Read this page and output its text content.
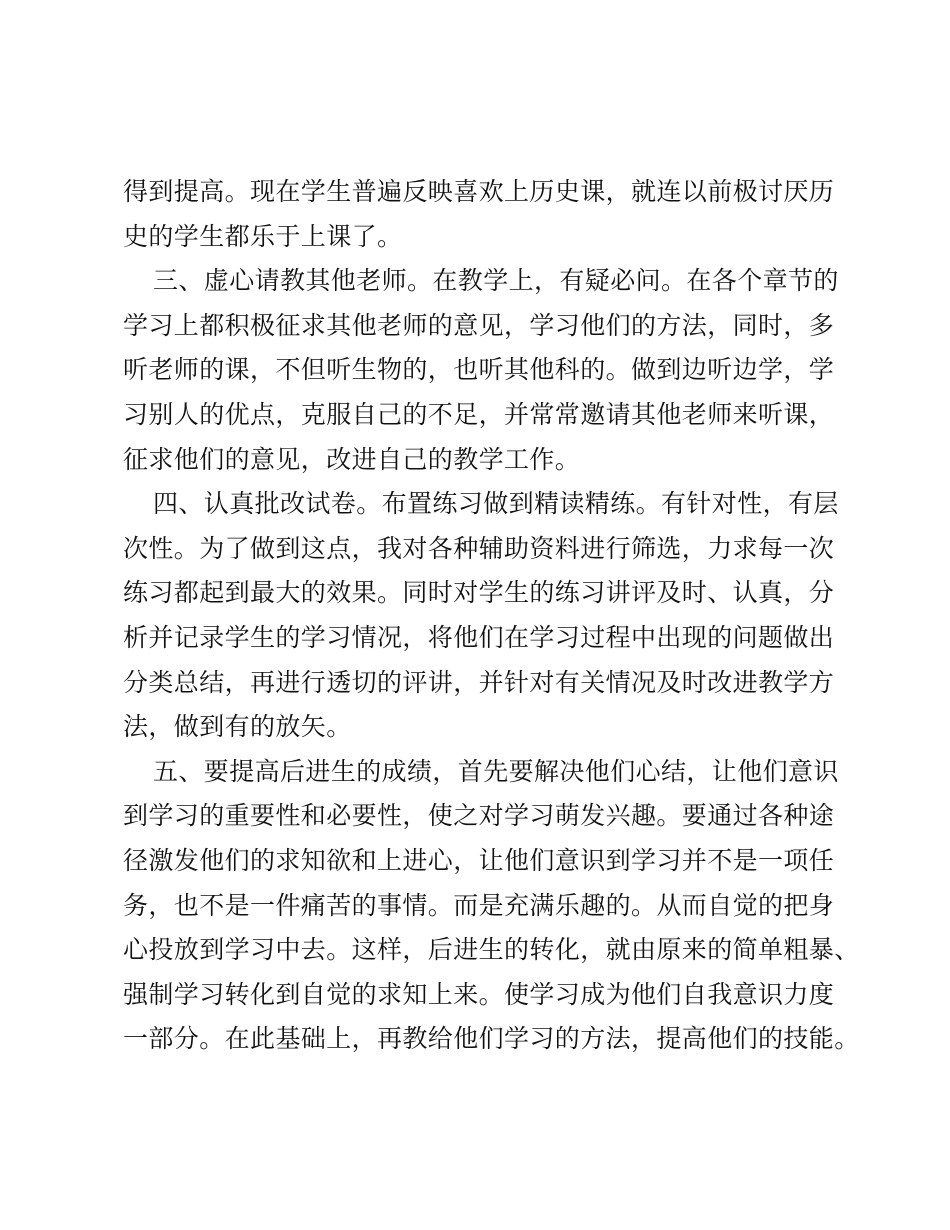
得到提高。现在学生普遍反映喜欢上历史课，就连以前极讨厌历
史的学生都乐于上课了。
三、虚心请教其他老师。在教学上，有疑必问。在各个章节的
学习上都积极征求其他老师的意见，学习他们的方法，同时，多
听老师的课，不但听生物的，也听其他科的。做到边听边学，学
习别人的优点，克服自己的不足，并常常邀请其他老师来听课，
征求他们的意见，改进自己的教学工作。
四、认真批改试卷。布置练习做到精读精练。有针对性，有层
次性。为了做到这点，我对各种辅助资料进行筛选，力求每一次
练习都起到最大的效果。同时对学生的练习讲评及时、认真，分
析并记录学生的学习情况，将他们在学习过程中出现的问题做出
分类总结，再进行透切的评讲，并针对有关情况及时改进教学方
法，做到有的放矢。
五、要提高后进生的成绩，首先要解决他们心结，让他们意识
到学习的重要性和必要性，使之对学习萌发兴趣。要通过各种途
径激发他们的求知欲和上进心，让他们意识到学习并不是一项任
务，也不是一件痛苦的事情。而是充满乐趣的。从而自觉的把身
心投放到学习中去。这样，后进生的转化，就由原来的简单粗暴、
强制学习转化到自觉的求知上来。使学习成为他们自我意识力度
一部分。在此基础上，再教给他们学习的方法，提高他们的技能。
